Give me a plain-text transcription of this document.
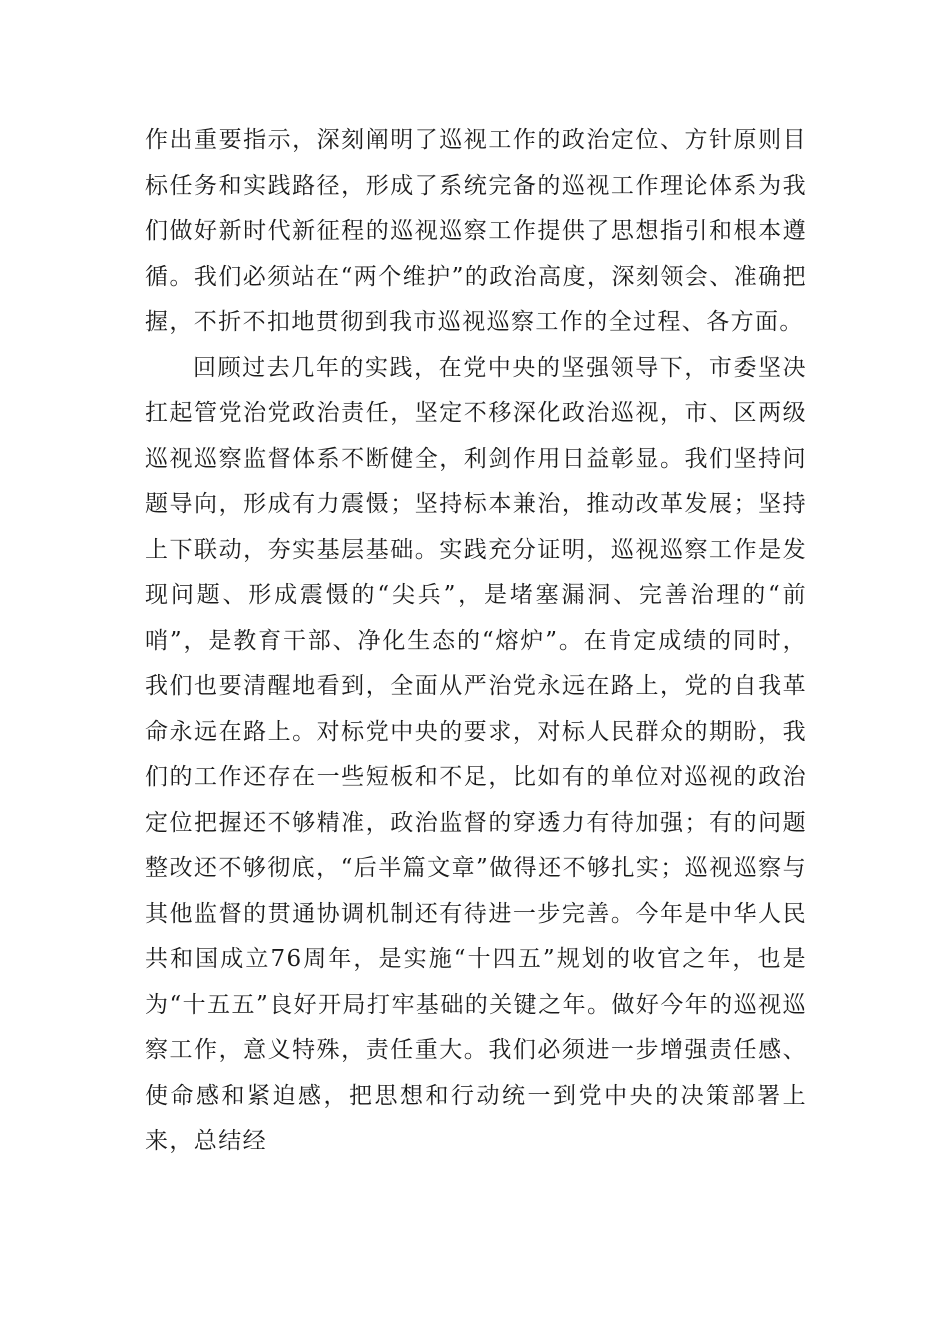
作出重要指示，深刻阐明了巡视工作的政治定位、方针原则目标任务和实践路径，形成了系统完备的巡视工作理论体系为我们做好新时代新征程的巡视巡察工作提供了思想指引和根本遵循。我们必须站在“两个维护”的政治高度，深刻领会、准确把握，不折不扣地贯彻到我市巡视巡察工作的全过程、各方面。

回顾过去几年的实践，在党中央的坚强领导下，市委坚决扛起管党治党政治责任，坚定不移深化政治巡视，市、区两级巡视巡察监督体系不断健全，利剑作用日益彰显。我们坚持问题导向，形成有力震慑；坚持标本兼治，推动改革发展；坚持上下联动，夯实基层基础。实践充分证明，巡视巡察工作是发现问题、形成震慑的“尖兵”，是堵塞漏洞、完善治理的“前哨”，是教育干部、净化生态的“熔炉”。在肯定成绩的同时，我们也要清醒地看到，全面从严治党永远在路上，党的自我革命永远在路上。对标党中央的要求，对标人民群众的期盼，我们的工作还存在一些短板和不足，比如有的单位对巡视的政治定位把握还不够精准，政治监督的穿透力有待加强；有的问题整改还不够彻底，“后半篇文章”做得还不够扎实；巡视巡察与其他监督的贯通协调机制还有待进一步完善。今年是中华人民共和国成立76周年，是实施“十四五”规划的收官之年，也是为“十五五”良好开局打牢基础的关键之年。做好今年的巡视巡察工作，意义特殊，责任重大。我们必须进一步增强责任感、使命感和紧迫感，把思想和行动统一到党中央的决策部署上来，总结经
